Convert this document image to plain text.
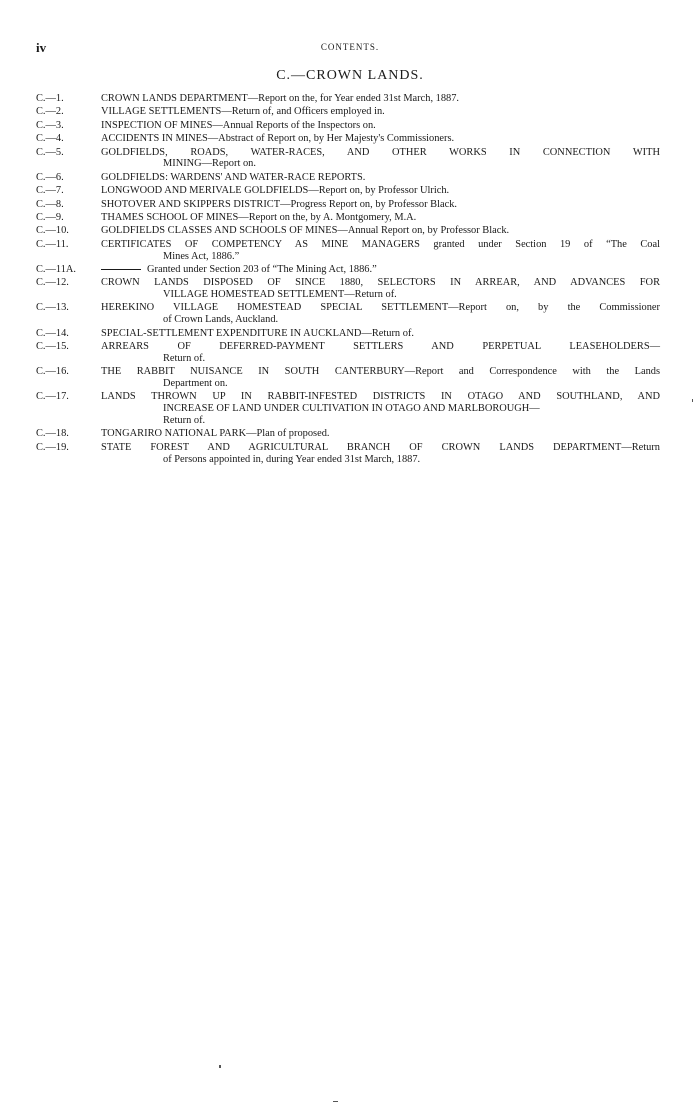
iv	CONTENTS.
C.—CROWN LANDS.
C.—1.	CROWN LANDS DEPARTMENT—Report on the, for Year ended 31st March, 1887.
C.—2.	VILLAGE SETTLEMENTS—Return of, and Officers employed in.
C.—3.	INSPECTION OF MINES—Annual Reports of the Inspectors on.
C.—4.	ACCIDENTS IN MINES—Abstract of Report on, by Her Majesty's Commissioners.
C.—5.	GOLDFIELDS, ROADS, WATER-RACES, AND OTHER WORKS IN CONNECTION WITH
MINING—Report on.
C.—6.	GOLDFIELDS: WARDENS' AND WATER-RACE REPORTS.
C.—7.	LONGWOOD AND MERIVALE GOLDFIELDS—Report on, by Professor Ulrich.
C.—8.	SHOTOVER AND SKIPPERS DISTRICT—Progress Report on, by Professor Black.
C.—9.	THAMES SCHOOL OF MINES—Report on the, by A. Montgomery, M.A.
C.—10.	GOLDFIELDS CLASSES AND SCHOOLS OF MINES—Annual Report on, by Professor Black.
C.—11.	CERTIFICATES OF COMPETENCY AS MINE MANAGERS granted under Section 19 of “The Coal
Mines Act, 1886.”
C.—11A.	Granted under Section 203 of “The Mining Act, 1886.”
C.—12.	CROWN LANDS DISPOSED OF SINCE 1880, SELECTORS IN ARREAR, AND ADVANCES FOR
VILLAGE HOMESTEAD SETTLEMENT—Return of.
C.—13.	HEREKINO VILLAGE HOMESTEAD SPECIAL SETTLEMENT—Report on, by the Commissioner
of Crown Lands, Auckland.
C.—14.	SPECIAL-SETTLEMENT EXPENDITURE IN AUCKLAND—Return of.
C.—15.	ARREARS OF DEFERRED-PAYMENT SETTLERS AND PERPETUAL LEASEHOLDERS—
Return of.
C.—16.	THE RABBIT NUISANCE IN SOUTH CANTERBURY—Report and Correspondence with the Lands
Department on.
C.—17.	LANDS THROWN UP IN RABBIT-INFESTED DISTRICTS IN OTAGO AND SOUTHLAND, AND
INCREASE OF LAND UNDER CULTIVATION IN OTAGO AND MARLBOROUGH—
Return of.
C.—18.	TONGARIRO NATIONAL PARK—Plan of proposed.
C.—19.	STATE FOREST AND AGRICULTURAL BRANCH OF CROWN LANDS DEPARTMENT—Return
of Persons appointed in, during Year ended 31st March, 1887.
